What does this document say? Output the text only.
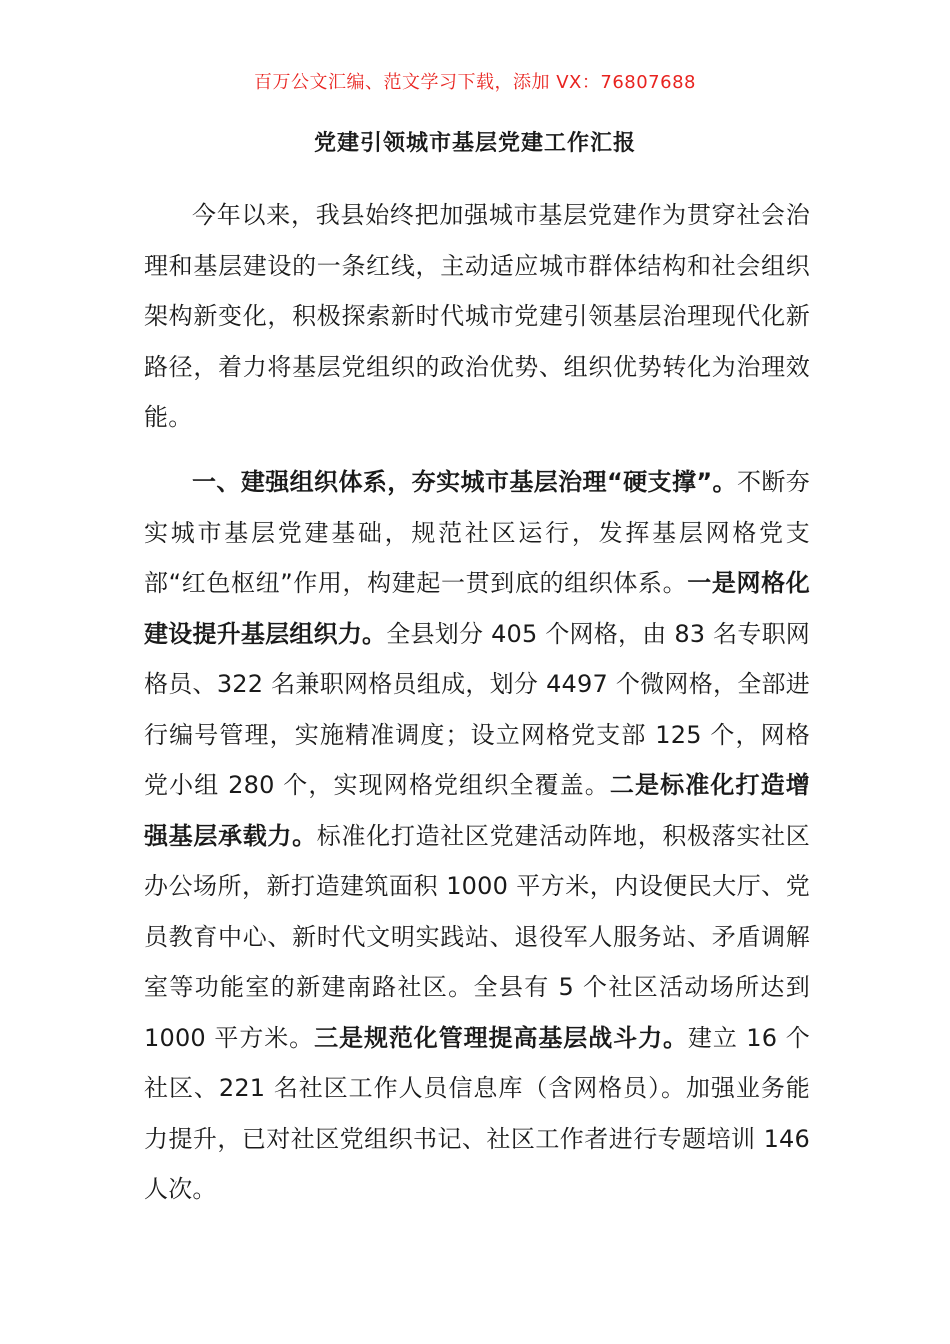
百万公文汇编、范文学习下载，添加 VX：76807688
党建引领城市基层党建工作汇报
今年以来，我县始终把加强城市基层党建作为贯穿社会治理和基层建设的一条红线，主动适应城市群体结构和社会组织架构新变化，积极探索新时代城市党建引领基层治理现代化新路径，着力将基层党组织的政治优势、组织优势转化为治理效能。
一、建强组织体系，夯实城市基层治理“硬支撑”。不断夯实城市基层党建基础，规范社区运行，发挥基层网格党支部“红色枢纽”作用，构建起一贯到底的组织体系。一是网格化建设提升基层组织力。全县划分 405 个网格，由 83 名专职网格员、322 名兼职网格员组成，划分 4497 个微网格，全部进行编号管理，实施精准调度；设立网格党支部 125 个，网格党小组 280 个，实现网格党组织全覆盖。二是标准化打造增强基层承载力。标准化打造社区党建活动阵地，积极落实社区办公场所，新打造建筑面积 1000 平方米，内设便民大厅、党员教育中心、新时代文明实践站、退役军人服务站、矛盾调解室等功能室的新建南路社区。全县有 5 个社区活动场所达到 1000 平方米。三是规范化管理提高基层战斗力。建立 16 个社区、221 名社区工作人员信息库（含网格员）。加强业务能力提升，已对社区党组织书记、社区工作者进行专题培训 146 人次。
